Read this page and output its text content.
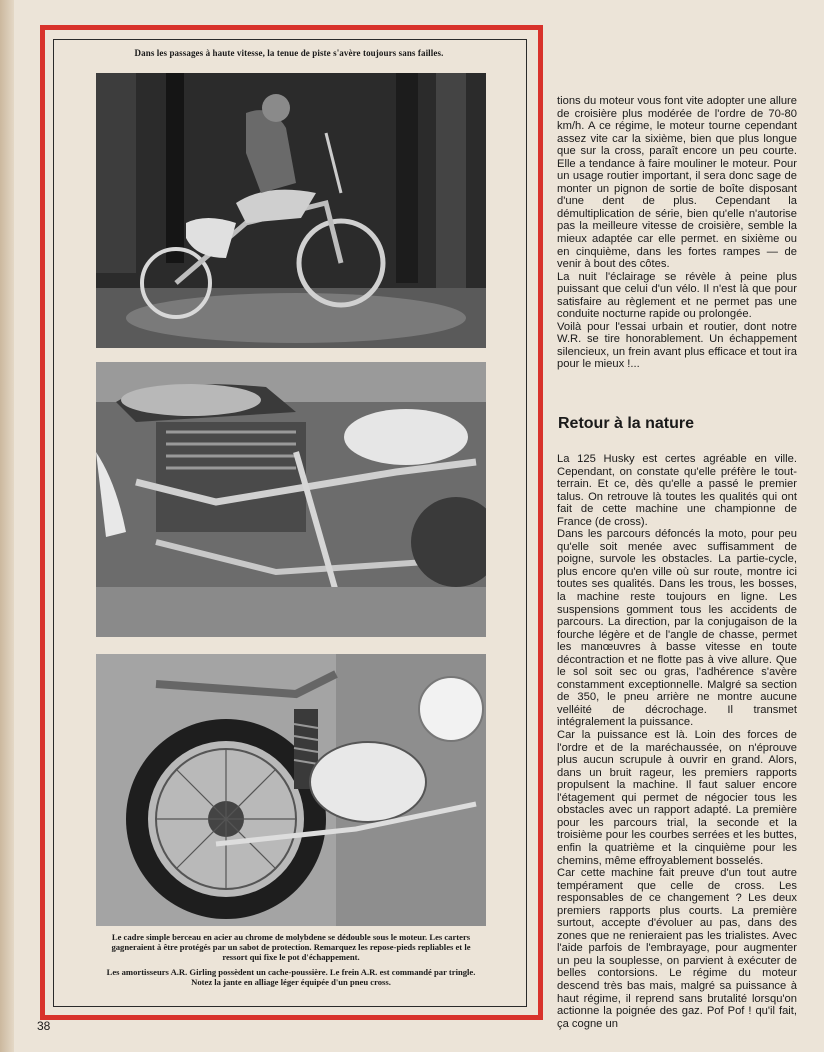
Dans les passages à haute vitesse, la tenue de piste s'avère toujours sans failles.

Le cadre simple berceau en acier au chrome de molybdene se dédouble sous le moteur. Les carters gagneraient à être protégés par un sabot de protection. Remarquez les repose-pieds repliables et le ressort qui fixe le pot d'échappement.

Les amortisseurs A.R. Girling possèdent un cache-poussière. Le frein A.R. est commandé par tringle. Notez la jante en alliage léger équipée d'un pneu cross.

tions du moteur vous font vite adopter une allure de croisière plus modérée de l'ordre de 70-80 km/h. A ce régime, le moteur tourne cependant assez vite car la sixième, bien que plus longue que sur la cross, paraît encore un peu courte. Elle a tendance à faire mouliner le moteur. Pour un usage routier important, il sera donc sage de monter un pignon de sortie de boîte disposant d'une dent de plus. Cependant la démultiplication de série, bien qu'elle n'autorise pas la meilleure vitesse de croisière, semble la mieux adaptée car elle permet. en sixième ou en cinquième, dans les fortes rampes — de venir à bout des côtes.

La nuit l'éclairage se révèle à peine plus puissant que celui d'un vélo. Il n'est là que pour satisfaire au règlement et ne permet pas une conduite nocturne rapide ou prolongée.

Voilà pour l'essai urbain et routier, dont notre W.R. se tire honorablement. Un échappement silencieux, un frein avant plus efficace et tout ira pour le mieux !...

Retour à la nature

La 125 Husky est certes agréable en ville. Cependant, on constate qu'elle préfère le tout-terrain. Et ce, dès qu'elle a passé le premier talus. On retrouve là toutes les qualités qui ont fait de cette machine une championne de France (de cross).

Dans les parcours défoncés la moto, pour peu qu'elle soit menée avec suffisamment de poigne, survole les obstacles. La partie-cycle, plus encore qu'en ville où sur route, montre ici toutes ses qualités. Dans les trous, les bosses, la machine reste toujours en ligne. Les suspensions gomment tous les accidents de parcours. La direction, par la conjugaison de la fourche légère et de l'angle de chasse, permet les manœuvres à basse vitesse en toute décontraction et ne flotte pas à vive allure. Que le sol soit sec ou gras, l'adhérence s'avère constamment exceptionnelle. Malgré sa section de 350, le pneu arrière ne montre aucune velléité de décrochage. Il transmet intégralement la puissance.

Car la puissance est là. Loin des forces de l'ordre et de la maréchaussée, on n'éprouve plus aucun scrupule à ouvrir en grand. Alors, dans un bruit rageur, les premiers rapports propulsent la machine. Il faut saluer encore l'étagement qui permet de négocier tous les obstacles avec un rapport adapté. La première pour les parcours trial, la seconde et la troisième pour les courbes serrées et les buttes, enfin la quatrième et la cinquième pour les chemins, même effroyablement bosselés.

Car cette machine fait preuve d'un tout autre tempérament que celle de cross. Les responsables de ce changement ? Les deux premiers rapports plus courts. La première surtout, accepte d'évoluer au pas, dans des zones que ne renieraient pas les trialistes. Avec l'aide parfois de l'embrayage, pour augmenter un peu la souplesse, on parvient à exécuter de belles contorsions. Le régime du moteur descend très bas mais, malgré sa puissance à haut régime, il reprend sans brutalité lorsqu'on actionne la poignée des gaz. Pof Pof ! qu'il fait, ça cogne un

38
